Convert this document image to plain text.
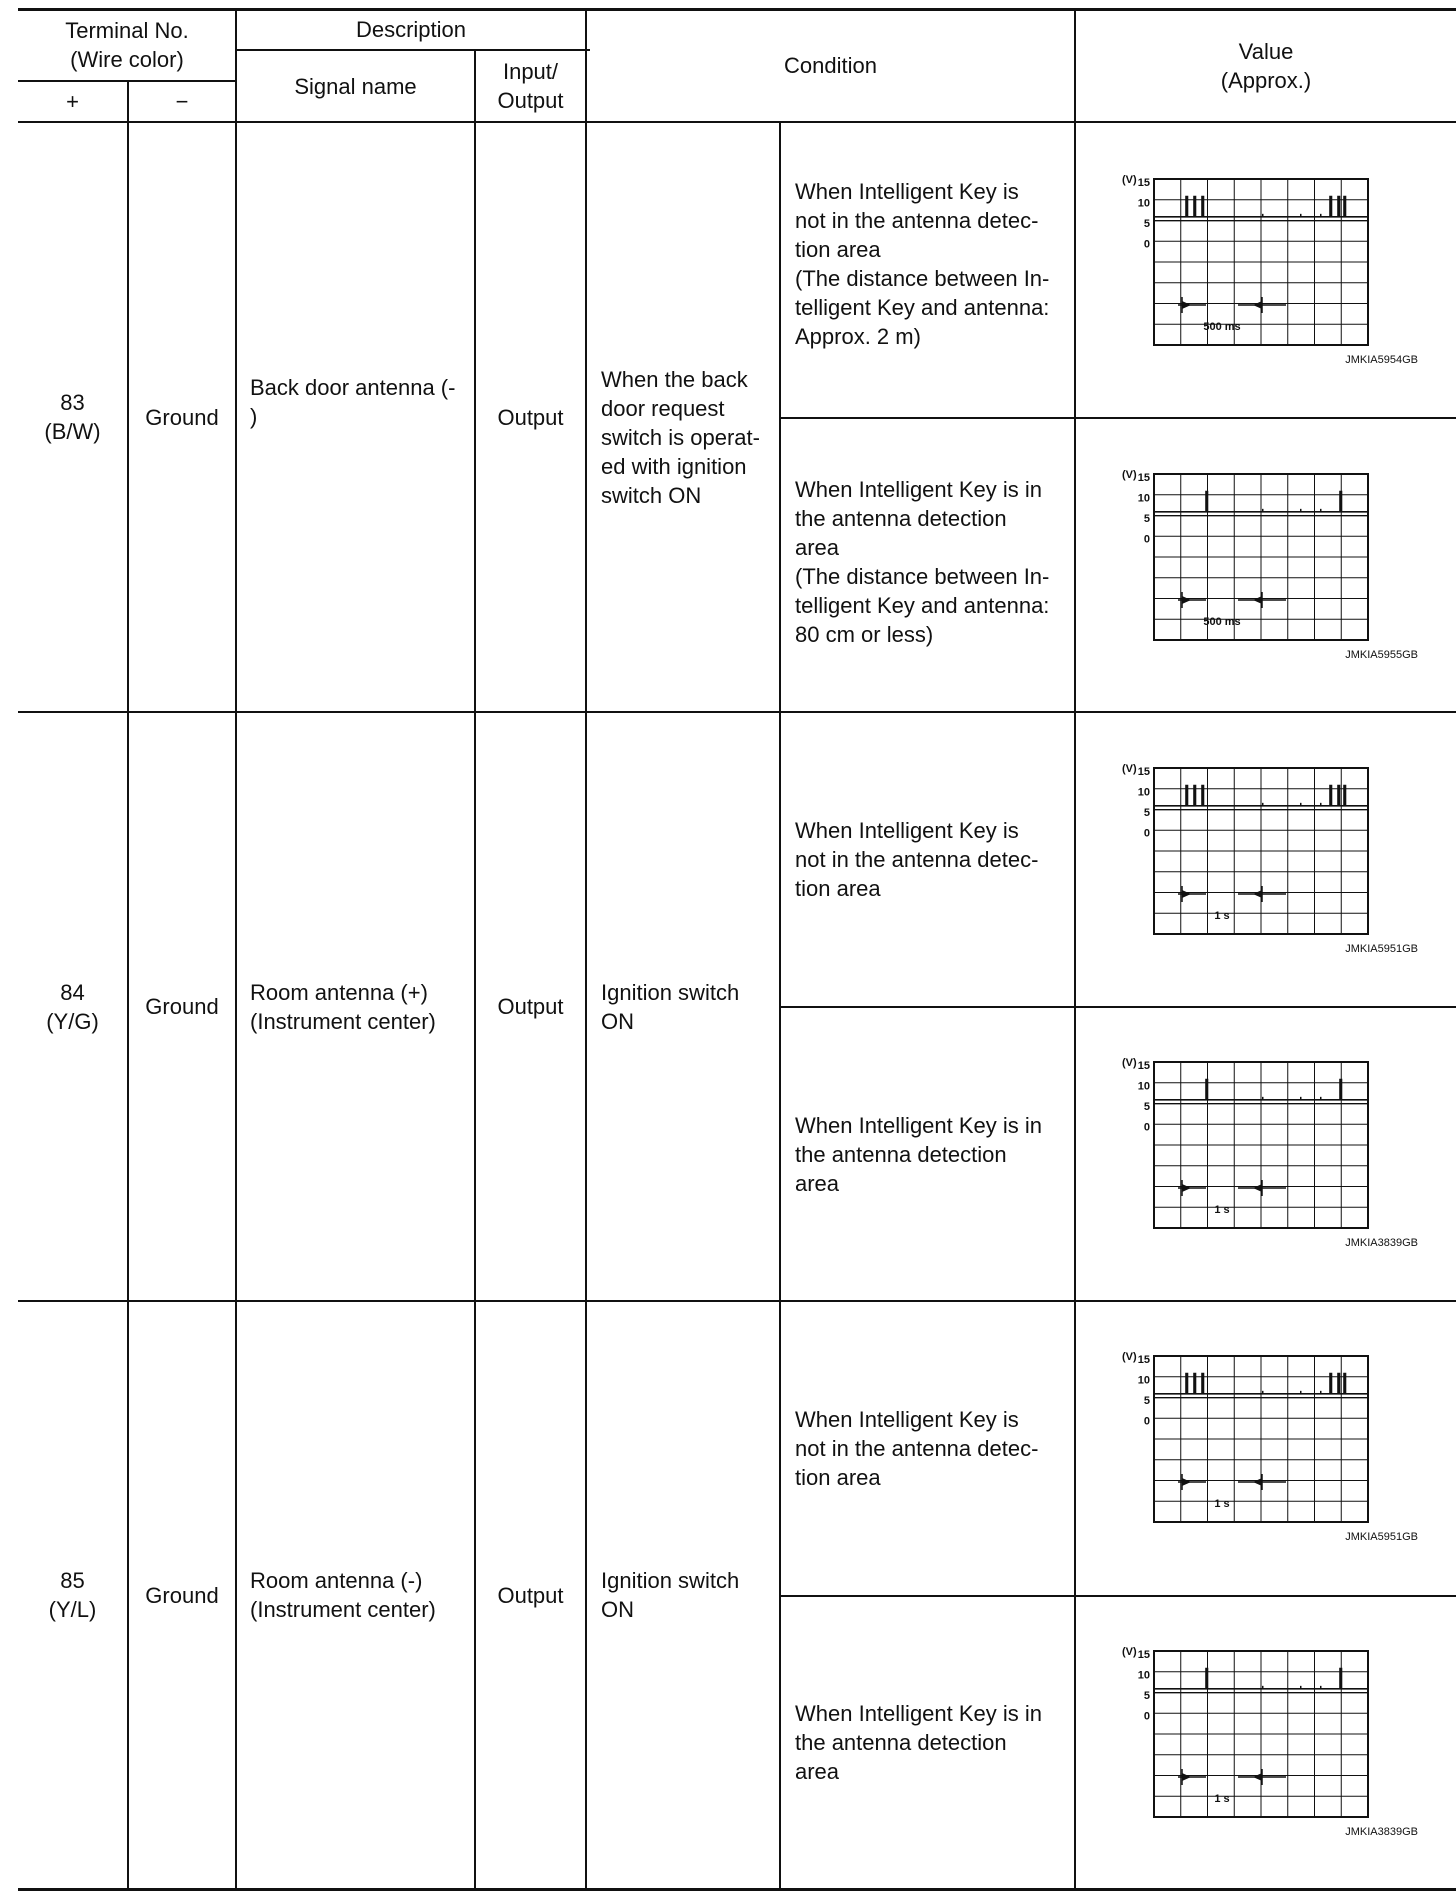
Terminal No.
(Wire color)
+	−
Description
Signal name
Input/
Output
Condition
Value
(Approx.)
83
(B/W)
Ground
Back door antenna (-
)	Output
When the back
door request
switch is operat-
ed with ignition
switch ON
When Intelligent Key is
not in the antenna detec-
tion area
(The distance between In-
telligent Key and antenna:
Approx. 2 m)
When Intelligent Key is in
the antenna detection
area
(The distance between In-
telligent Key and antenna:
80 cm or less)
84
(Y/G)
Ground
Room antenna (+)
(Instrument center)
Output
Ignition switch
ON
When Intelligent Key is
not in the antenna detec-
tion area
When Intelligent Key is in
the antenna detection
area
85
(Y/L)
Ground
Room antenna (-)
(Instrument center)
Output
Ignition switch
ON
When Intelligent Key is
not in the antenna detec-
tion area
When Intelligent Key is in
the antenna detection
area
(V) 15
10
5
0
500 ms
JMKIA5954GB
(V) 15
10
5
0
500 ms
JMKIA5955GB
(V) 15
10
5
0
1 s
JMKIA5951GB
(V) 15
10
5
0
1 s
JMKIA3839GB
(V) 15
10
5
0
1 s
JMKIA5951GB
(V) 15
10
5
0
1 s
JMKIA3839GB
